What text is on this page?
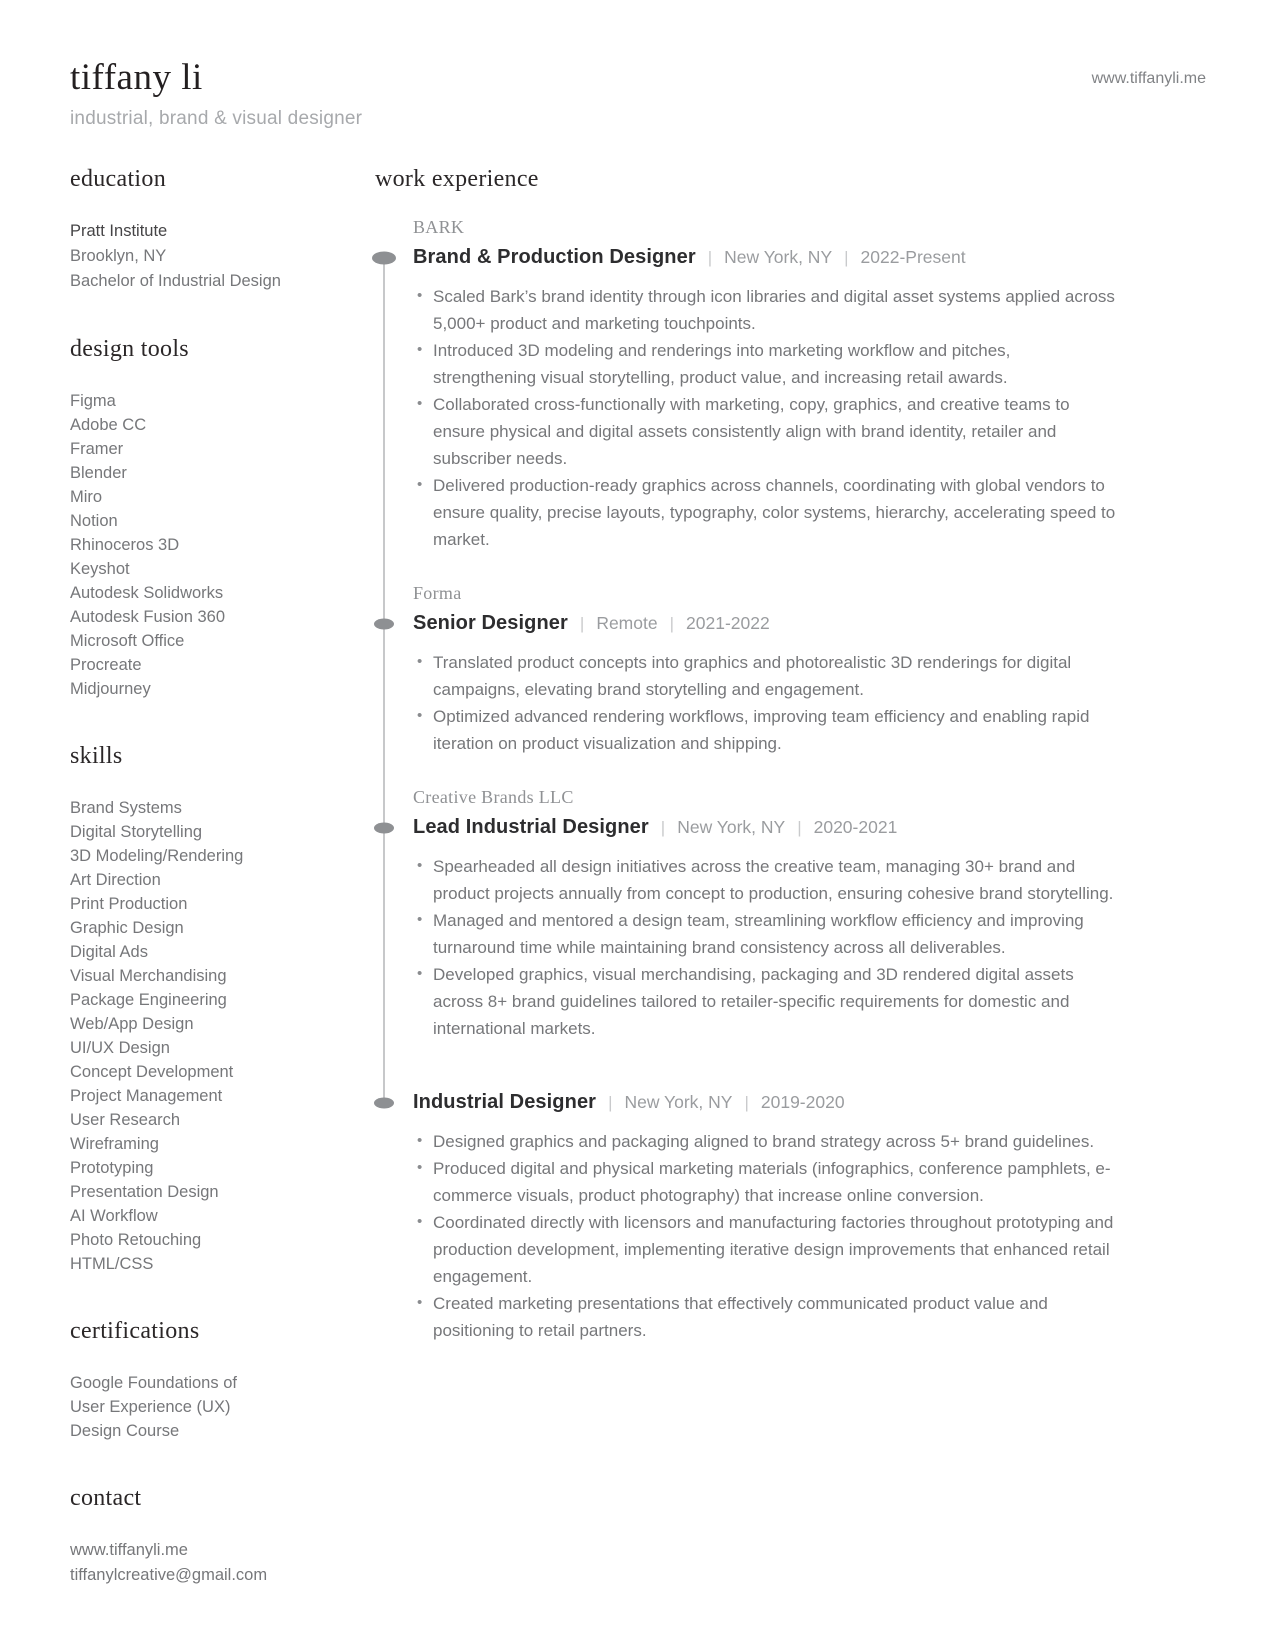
tiffany li
industrial, brand & visual designer
www.tiffanyli.me
education
Pratt Institute
Brooklyn, NY
Bachelor of Industrial Design
design tools
Figma
Adobe CC
Framer
Blender
Miro
Notion
Rhinoceros 3D
Keyshot
Autodesk Solidworks
Autodesk Fusion 360
Microsoft Office
Procreate
Midjourney
skills
Brand Systems
Digital Storytelling
3D Modeling/Rendering
Art Direction
Print Production
Graphic Design
Digital Ads
Visual Merchandising
Package Engineering
Web/App Design
UI/UX Design
Concept Development
Project Management
User Research
Wireframing
Prototyping
Presentation Design
AI Workflow
Photo Retouching
HTML/CSS
certifications
Google Foundations of User Experience (UX) Design Course
contact
www.tiffanyli.me
tiffanylcreative@gmail.com
work experience
BARK
Brand & Production Designer | New York, NY | 2022-Present
• Scaled Bark’s brand identity through icon libraries and digital asset systems applied across 5,000+ product and marketing touchpoints.
• Introduced 3D modeling and renderings into marketing workflow and pitches, strengthening visual storytelling, product value, and increasing retail awards.
• Collaborated cross-functionally with marketing, copy, graphics, and creative teams to ensure physical and digital assets consistently align with brand identity, retailer and subscriber needs.
• Delivered production-ready graphics across channels, coordinating with global vendors to ensure quality, precise layouts, typography, color systems, hierarchy, accelerating speed to market.
Forma
Senior Designer | Remote | 2021-2022
• Translated product concepts into graphics and photorealistic 3D renderings for digital campaigns, elevating brand storytelling and engagement.
• Optimized advanced rendering workflows, improving team efficiency and enabling rapid iteration on product visualization and shipping.
Creative Brands LLC
Lead Industrial Designer | New York, NY | 2020-2021
• Spearheaded all design initiatives across the creative team, managing 30+ brand and product projects annually from concept to production, ensuring cohesive brand storytelling.
• Managed and mentored a design team, streamlining workflow efficiency and improving turnaround time while maintaining brand consistency across all deliverables.
• Developed graphics, visual merchandising, packaging and 3D rendered digital assets across 8+ brand guidelines tailored to retailer-specific requirements for domestic and international markets.
Industrial Designer | New York, NY | 2019-2020
• Designed graphics and packaging aligned to brand strategy across 5+ brand guidelines.
• Produced digital and physical marketing materials (infographics, conference pamphlets, e-commerce visuals, product photography) that increase online conversion.
• Coordinated directly with licensors and manufacturing factories throughout prototyping and production development, implementing iterative design improvements that enhanced retail engagement.
• Created marketing presentations that effectively communicated product value and positioning to retail partners.
